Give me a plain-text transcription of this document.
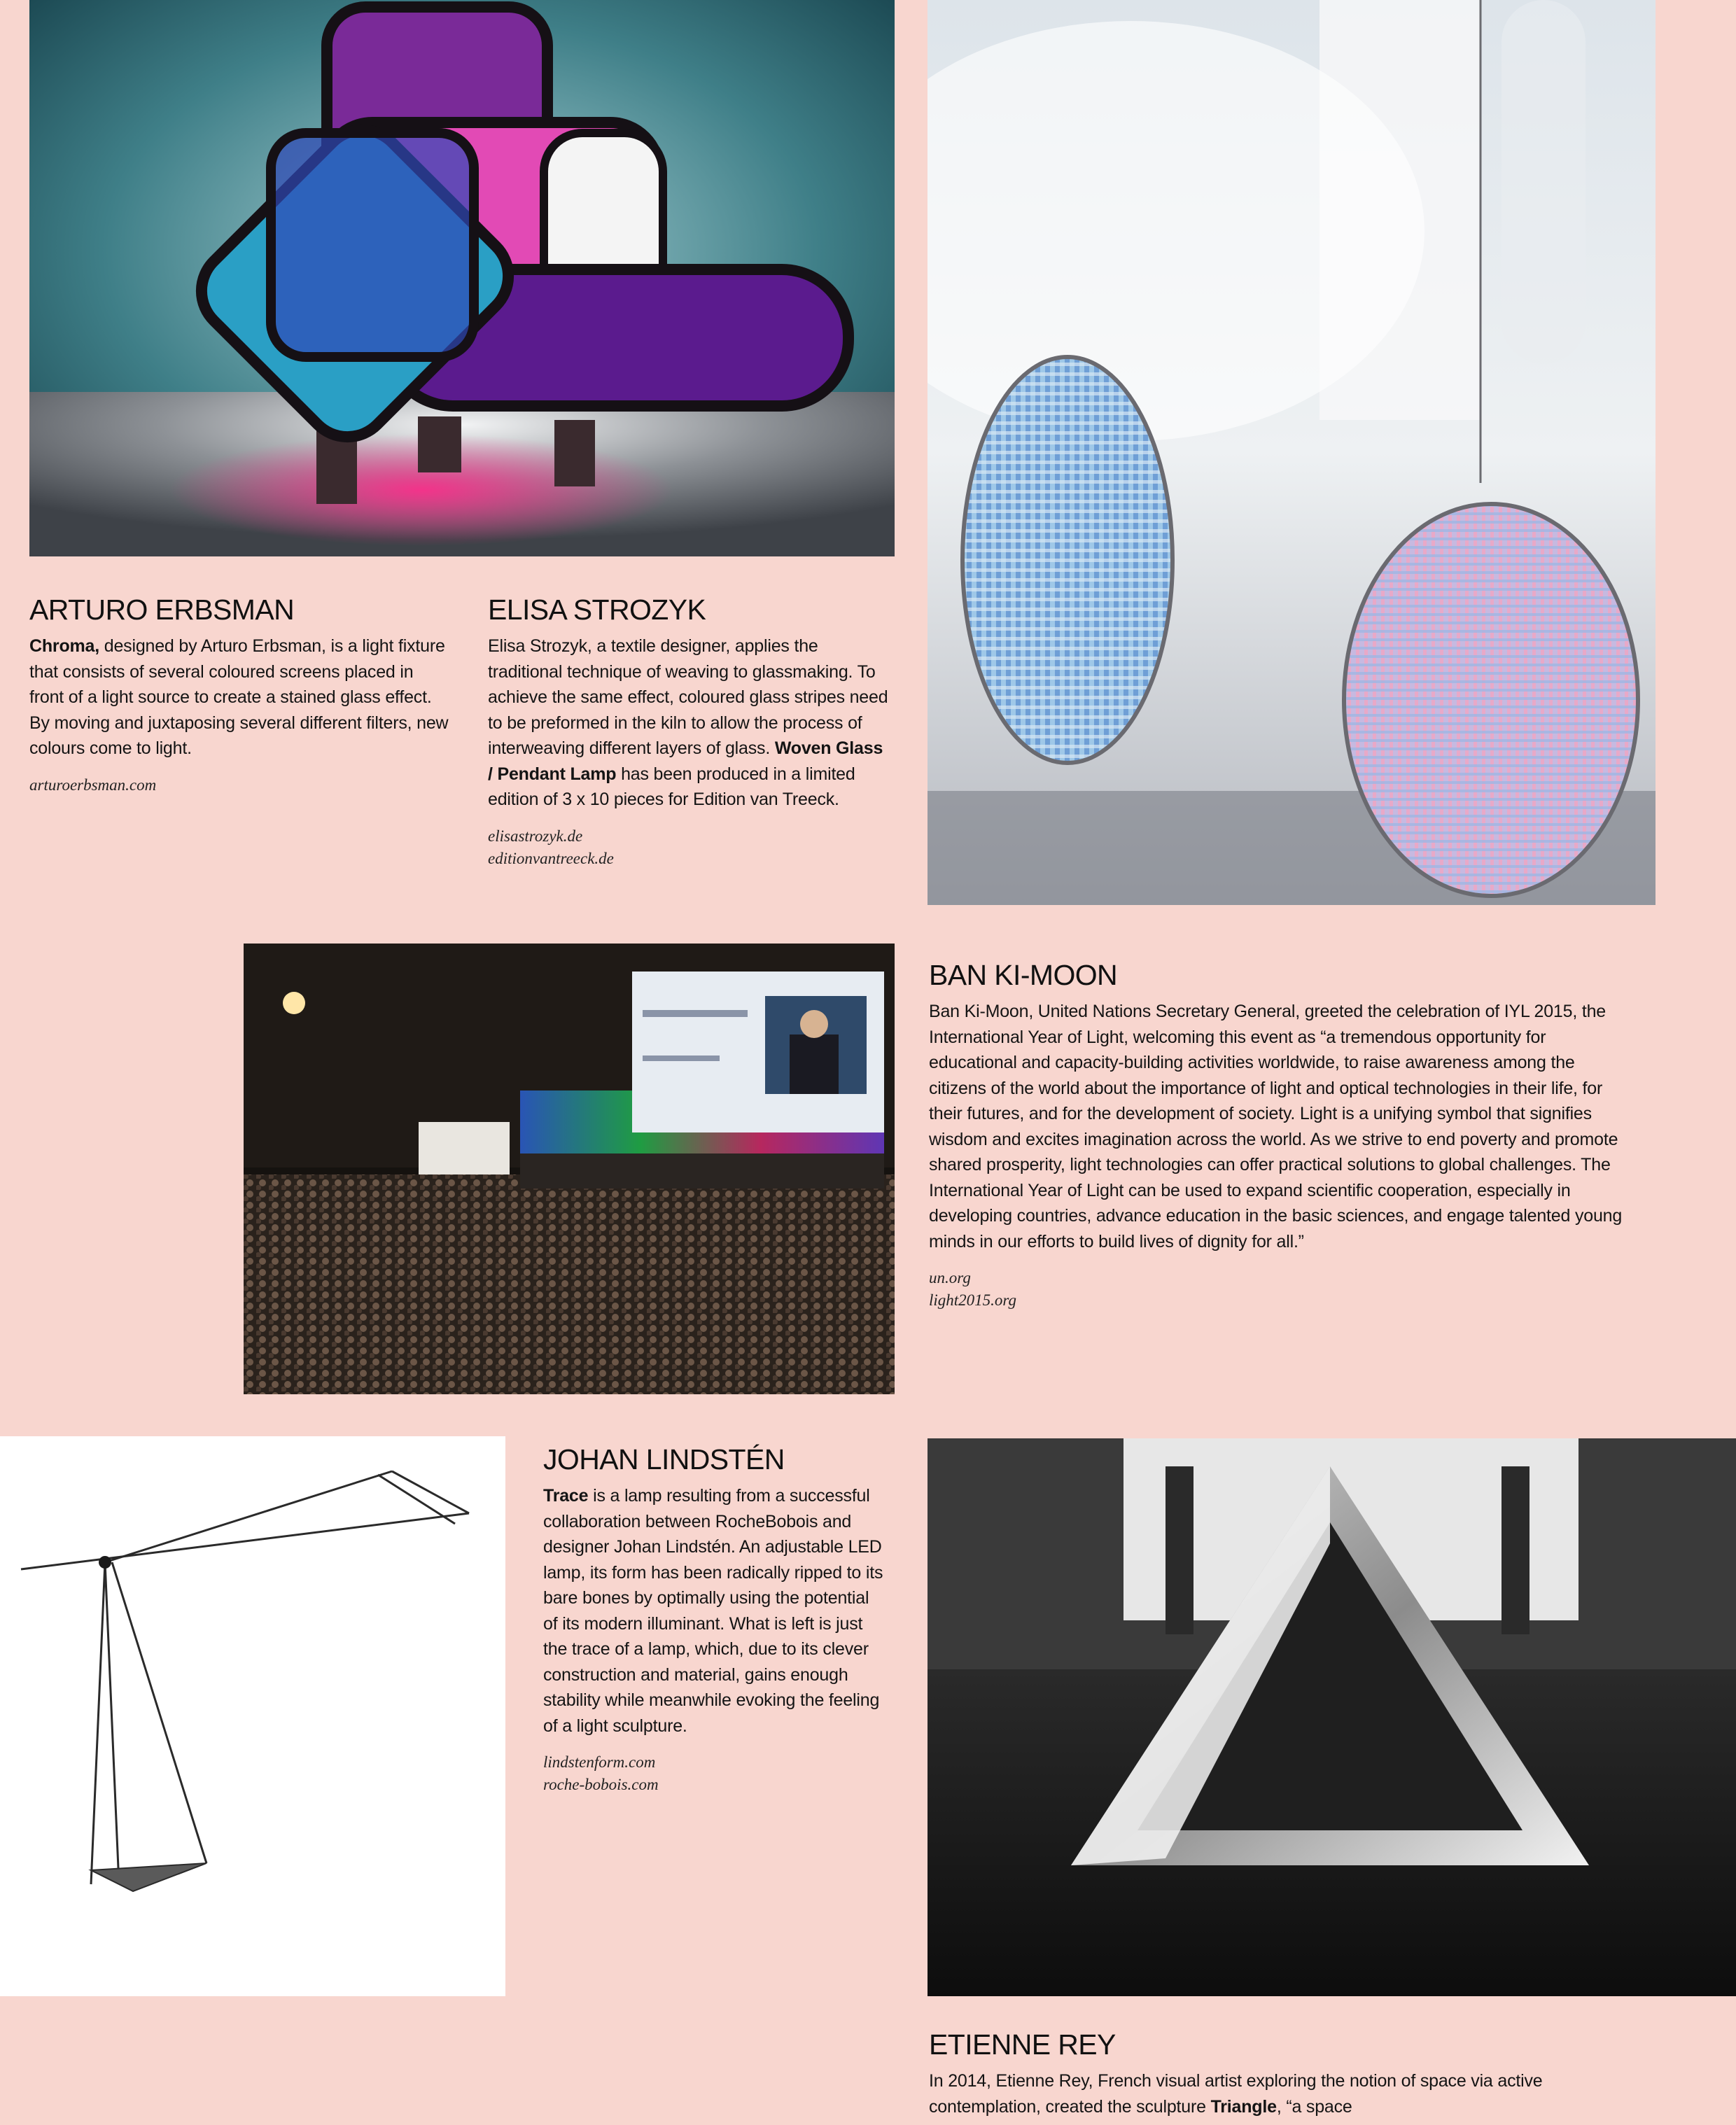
ARTURO ERBSMAN
Chroma, designed by Arturo Erbsman, is a light fixture that consists of several coloured screens placed in front of a light source to create a stained glass effect. By moving and juxtaposing several different filters, new colours come to light.
arturoerbsman.com
ELISA STROZYK
Elisa Strozyk, a textile designer, applies the traditional technique of weaving to glassmaking. To achieve the same effect, coloured glass stripes need to be preformed in the kiln to allow the process of interweaving different layers of glass. Woven Glass / Pendant Lamp has been produced in a limited edition of 3 x 10 pieces for Edition van Treeck.
elisastrozyk.de
editionvantreeck.de
BAN KI-MOON
Ban Ki-Moon, United Nations Secretary General, greeted the celebration of IYL 2015, the International Year of Light, welcoming this event as “a tremendous opportunity for educational and capacity-building activities worldwide, to raise awareness among the citizens of the world about the importance of light and optical technologies in their life, for their futures, and for the development of society. Light is a unifying symbol that signifies wisdom and excites imagination across the world. As we strive to end poverty and promote shared prosperity, light technologies can offer practical solutions to global challenges. The International Year of Light can be used to expand scientific cooperation, especially in developing countries, advance education in the basic sciences, and engage talented young minds in our efforts to build lives of dignity for all.”
un.org
light2015.org
JOHAN LINDSTÉN
Trace is a lamp resulting from a successful collaboration between RocheBobois and designer Johan Lindstén. An adjustable LED lamp, its form has been radically ripped to its bare bones by optimally using the potential of its modern illuminant. What is left is just the trace of a lamp, which, due to its clever construction and material, gains enough stability while meanwhile evoking the feeling of a light sculpture.
lindstenform.com
roche-bobois.com
ETIENNE REY
In 2014, Etienne Rey, French visual artist exploring the notion of space via active contemplation, created the sculpture Triangle, “a space
